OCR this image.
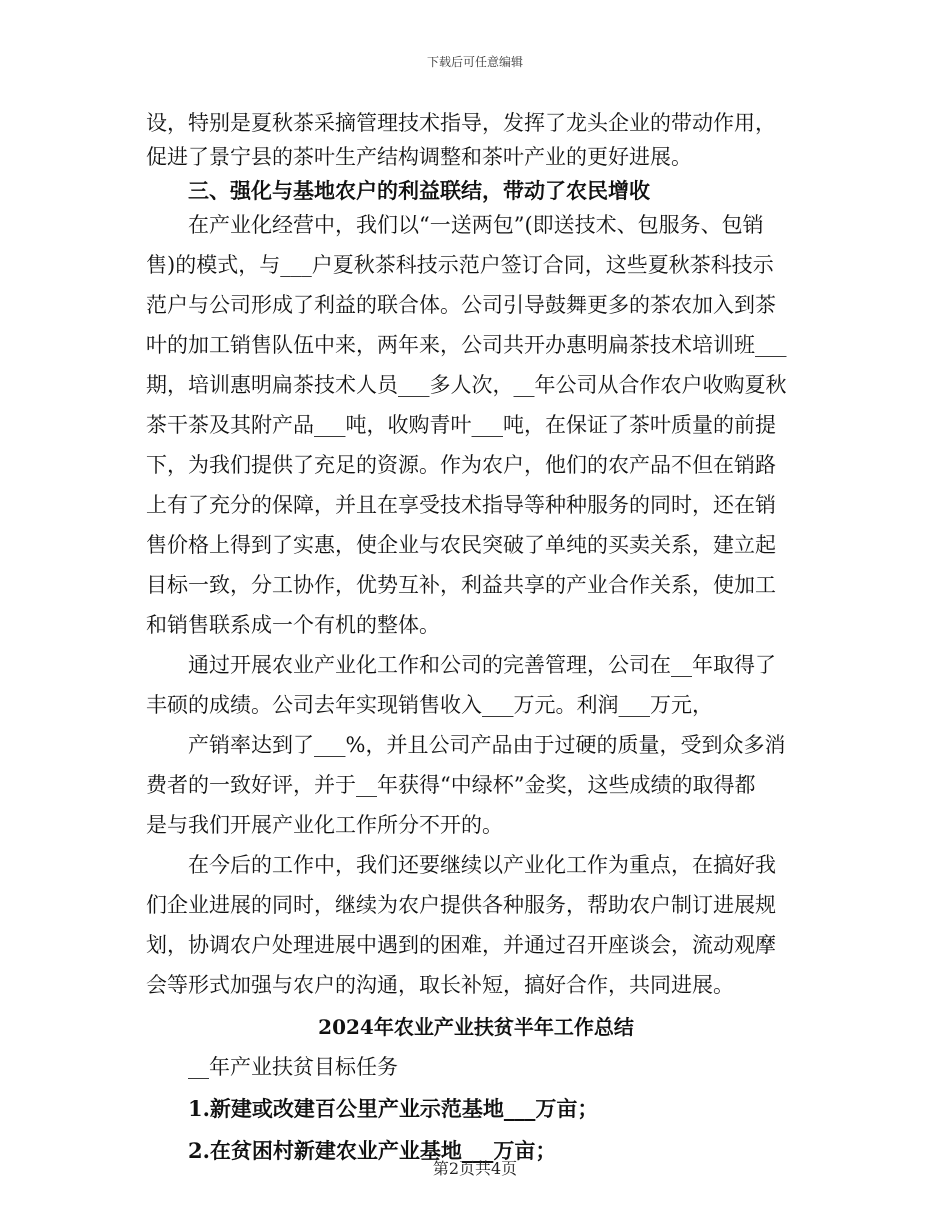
下载后可任意编辑
设，特别是夏秋茶采摘管理技术指导，发挥了龙头企业的带动作用，
促进了景宁县的茶叶生产结构调整和茶叶产业的更好进展。
三、强化与基地农户的利益联结，带动了农民增收
在产业化经营中，我们以“一送两包”(即送技术、包服务、包销
售)的模式，与___户夏秋茶科技示范户签订合同，这些夏秋茶科技示
范户与公司形成了利益的联合体。公司引导鼓舞更多的茶农加入到茶
叶的加工销售队伍中来，两年来，公司共开办惠明扁茶技术培训班___
期，培训惠明扁茶技术人员___多人次，__年公司从合作农户收购夏秋
茶干茶及其附产品___吨，收购青叶___吨，在保证了茶叶质量的前提
下，为我们提供了充足的资源。作为农户，他们的农产品不但在销路
上有了充分的保障，并且在享受技术指导等种种服务的同时，还在销
售价格上得到了实惠，使企业与农民突破了单纯的买卖关系，建立起
目标一致，分工协作，优势互补，利益共享的产业合作关系，使加工
和销售联系成一个有机的整体。
通过开展农业产业化工作和公司的完善管理，公司在__年取得了
丰硕的成绩。公司去年实现销售收入___万元。利润___万元，
产销率达到了___%，并且公司产品由于过硬的质量，受到众多消
费者的一致好评，并于__年获得“中绿杯”金奖，这些成绩的取得都
是与我们开展产业化工作所分不开的。
在今后的工作中，我们还要继续以产业化工作为重点，在搞好我
们企业进展的同时，继续为农户提供各种服务，帮助农户制订进展规
划，协调农户处理进展中遇到的困难，并通过召开座谈会，流动观摩
会等形式加强与农户的沟通，取长补短，搞好合作，共同进展。
2024年农业产业扶贫半年工作总结
__年产业扶贫目标任务
1.新建或改建百公里产业示范基地___万亩；
2.在贫困村新建农业产业基地___万亩；
第2页共4页
